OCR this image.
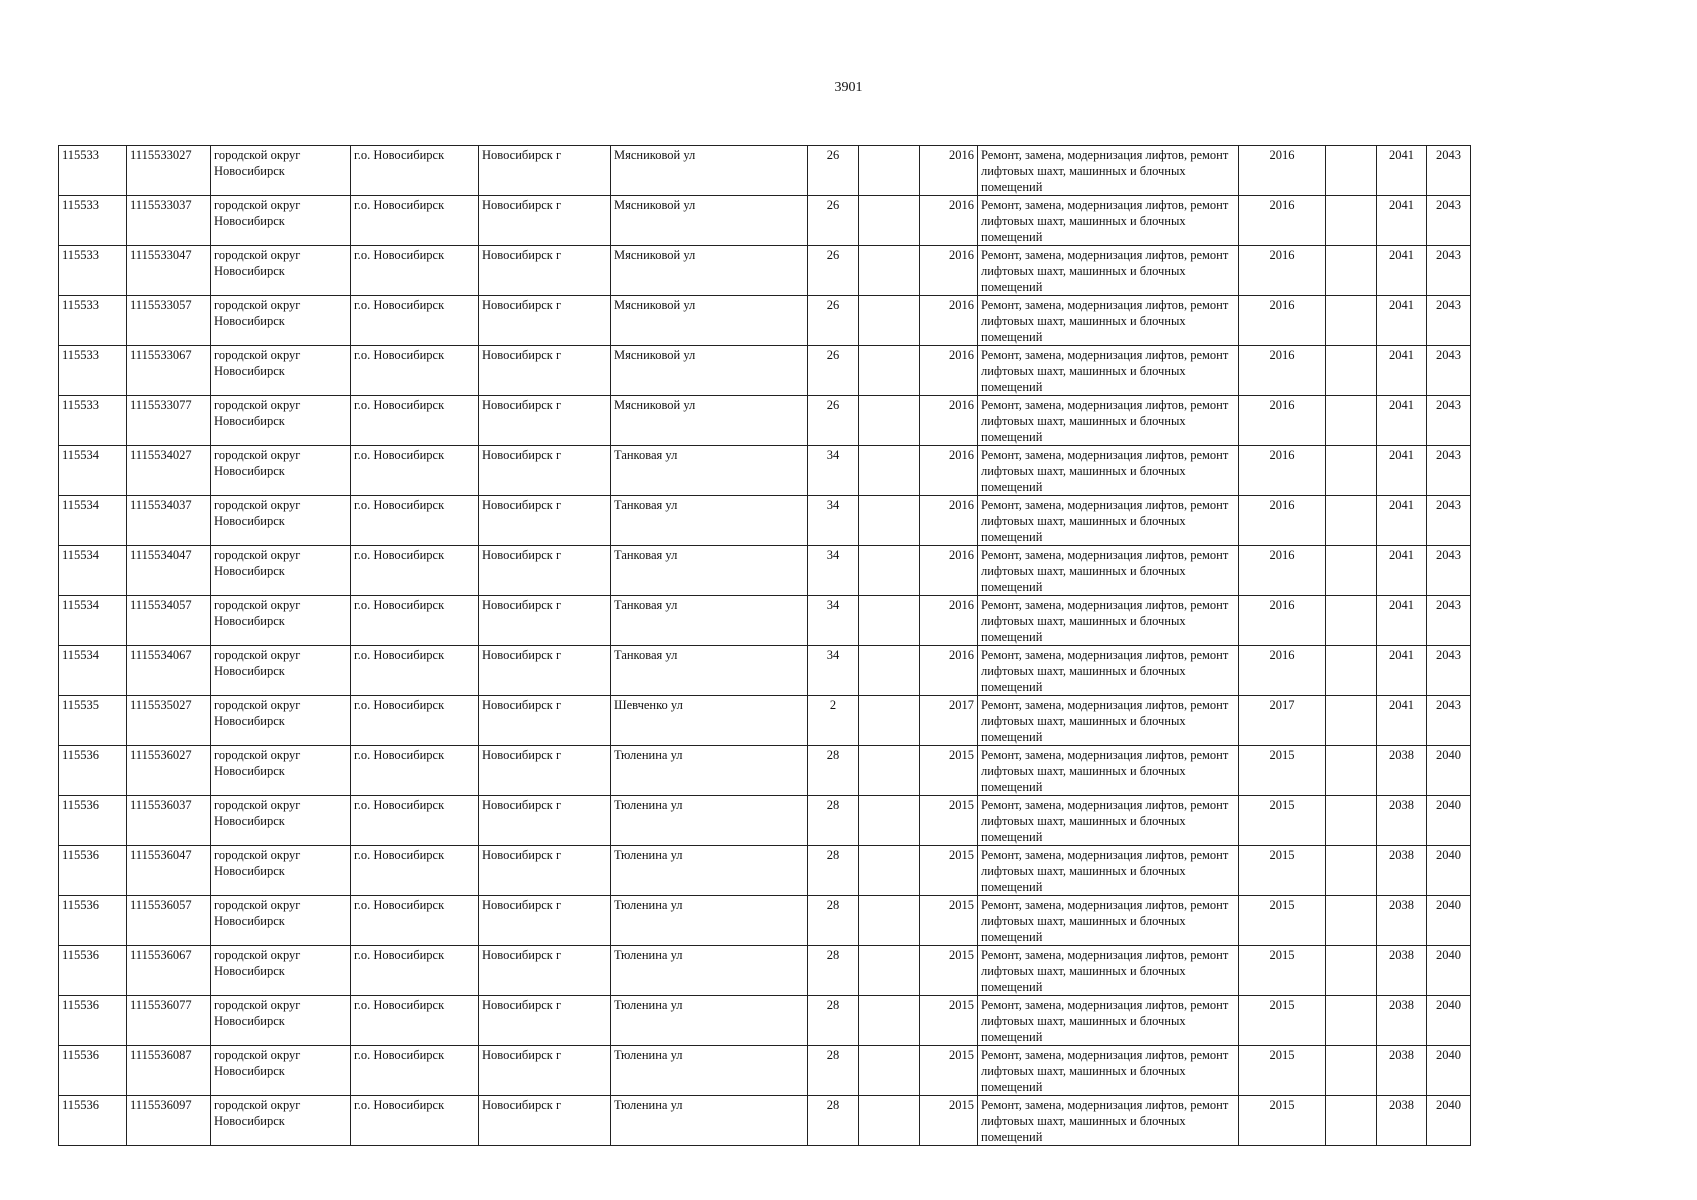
3901
115533	1115533027	городской округ Новосибирск	г.о. Новосибирск	Новосибирск г	Мясниковой ул	26		2016	Ремонт, замена, модернизация лифтов, ремонт лифтовых шахт, машинных и блочных помещений	2016		2041	2043
115533	1115533037	городской округ Новосибирск	г.о. Новосибирск	Новосибирск г	Мясниковой ул	26		2016	Ремонт, замена, модернизация лифтов, ремонт лифтовых шахт, машинных и блочных помещений	2016		2041	2043
115533	1115533047	городской округ Новосибирск	г.о. Новосибирск	Новосибирск г	Мясниковой ул	26		2016	Ремонт, замена, модернизация лифтов, ремонт лифтовых шахт, машинных и блочных помещений	2016		2041	2043
115533	1115533057	городской округ Новосибирск	г.о. Новосибирск	Новосибирск г	Мясниковой ул	26		2016	Ремонт, замена, модернизация лифтов, ремонт лифтовых шахт, машинных и блочных помещений	2016		2041	2043
115533	1115533067	городской округ Новосибирск	г.о. Новосибирск	Новосибирск г	Мясниковой ул	26		2016	Ремонт, замена, модернизация лифтов, ремонт лифтовых шахт, машинных и блочных помещений	2016		2041	2043
115533	1115533077	городской округ Новосибирск	г.о. Новосибирск	Новосибирск г	Мясниковой ул	26		2016	Ремонт, замена, модернизация лифтов, ремонт лифтовых шахт, машинных и блочных помещений	2016		2041	2043
115534	1115534027	городской округ Новосибирск	г.о. Новосибирск	Новосибирск г	Танковая ул	34		2016	Ремонт, замена, модернизация лифтов, ремонт лифтовых шахт, машинных и блочных помещений	2016		2041	2043
115534	1115534037	городской округ Новосибирск	г.о. Новосибирск	Новосибирск г	Танковая ул	34		2016	Ремонт, замена, модернизация лифтов, ремонт лифтовых шахт, машинных и блочных помещений	2016		2041	2043
115534	1115534047	городской округ Новосибирск	г.о. Новосибирск	Новосибирск г	Танковая ул	34		2016	Ремонт, замена, модернизация лифтов, ремонт лифтовых шахт, машинных и блочных помещений	2016		2041	2043
115534	1115534057	городской округ Новосибирск	г.о. Новосибирск	Новосибирск г	Танковая ул	34		2016	Ремонт, замена, модернизация лифтов, ремонт лифтовых шахт, машинных и блочных помещений	2016		2041	2043
115534	1115534067	городской округ Новосибирск	г.о. Новосибирск	Новосибирск г	Танковая ул	34		2016	Ремонт, замена, модернизация лифтов, ремонт лифтовых шахт, машинных и блочных помещений	2016		2041	2043
115535	1115535027	городской округ Новосибирск	г.о. Новосибирск	Новосибирск г	Шевченко ул	2		2017	Ремонт, замена, модернизация лифтов, ремонт лифтовых шахт, машинных и блочных помещений	2017		2041	2043
115536	1115536027	городской округ Новосибирск	г.о. Новосибирск	Новосибирск г	Тюленина ул	28		2015	Ремонт, замена, модернизация лифтов, ремонт лифтовых шахт, машинных и блочных помещений	2015		2038	2040
115536	1115536037	городской округ Новосибирск	г.о. Новосибирск	Новосибирск г	Тюленина ул	28		2015	Ремонт, замена, модернизация лифтов, ремонт лифтовых шахт, машинных и блочных помещений	2015		2038	2040
115536	1115536047	городской округ Новосибирск	г.о. Новосибирск	Новосибирск г	Тюленина ул	28		2015	Ремонт, замена, модернизация лифтов, ремонт лифтовых шахт, машинных и блочных помещений	2015		2038	2040
115536	1115536057	городской округ Новосибирск	г.о. Новосибирск	Новосибирск г	Тюленина ул	28		2015	Ремонт, замена, модернизация лифтов, ремонт лифтовых шахт, машинных и блочных помещений	2015		2038	2040
115536	1115536067	городской округ Новосибирск	г.о. Новосибирск	Новосибирск г	Тюленина ул	28		2015	Ремонт, замена, модернизация лифтов, ремонт лифтовых шахт, машинных и блочных помещений	2015		2038	2040
115536	1115536077	городской округ Новосибирск	г.о. Новосибирск	Новосибирск г	Тюленина ул	28		2015	Ремонт, замена, модернизация лифтов, ремонт лифтовых шахт, машинных и блочных помещений	2015		2038	2040
115536	1115536087	городской округ Новосибирск	г.о. Новосибирск	Новосибирск г	Тюленина ул	28		2015	Ремонт, замена, модернизация лифтов, ремонт лифтовых шахт, машинных и блочных помещений	2015		2038	2040
115536	1115536097	городской округ Новосибирск	г.о. Новосибирск	Новосибирск г	Тюленина ул	28		2015	Ремонт, замена, модернизация лифтов, ремонт лифтовых шахт, машинных и блочных помещений	2015		2038	2040
